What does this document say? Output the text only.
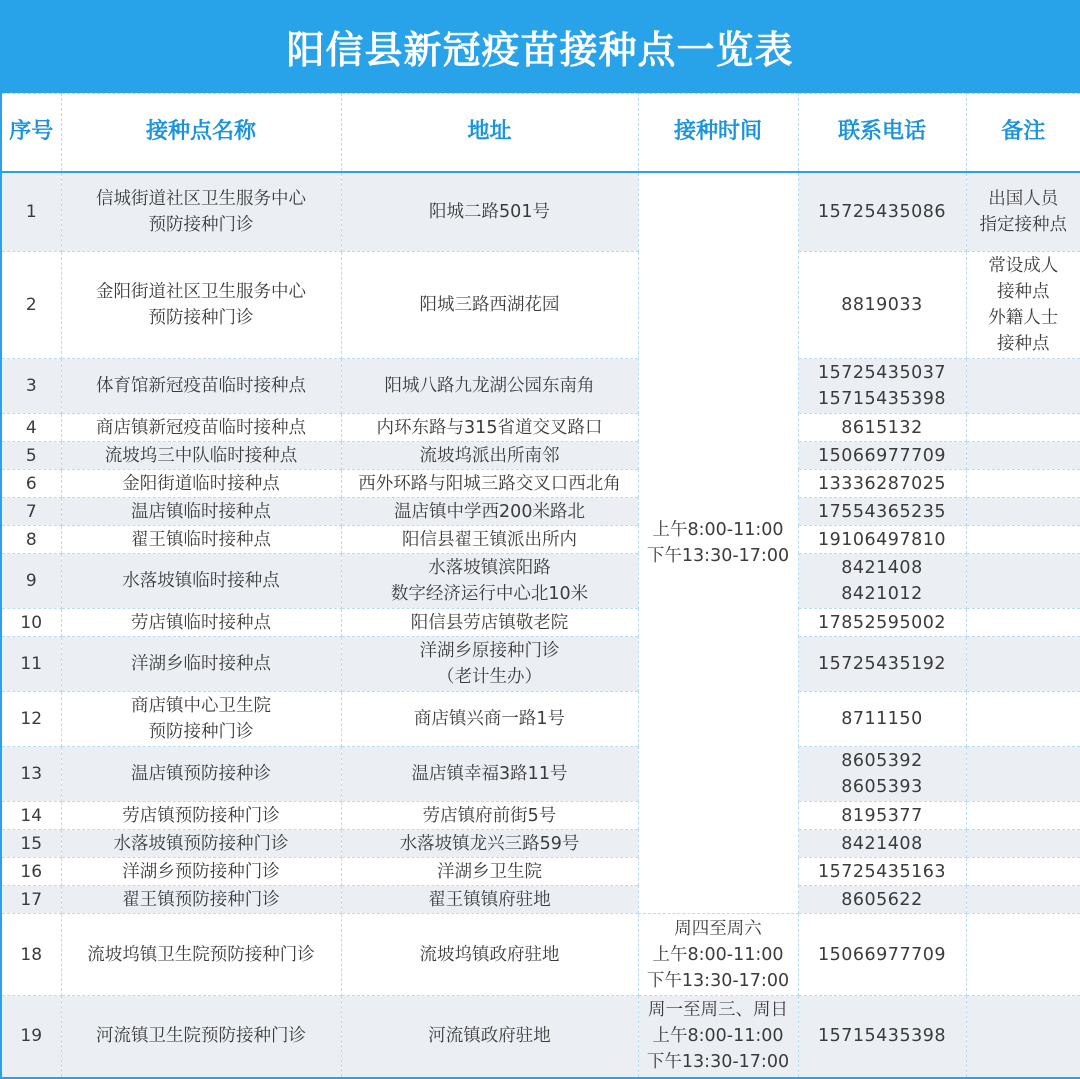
阳信县新冠疫苗接种点一览表
序号	接种点名称	地址	接种时间	联系电话	备注
1	信城街道社区卫生服务中心
预防接种门诊	阳城二路501号	上午8:00-11:00
下午13:30-17:00	15725435086	出国人员
指定接种点

2	金阳街道社区卫生服务中心
预防接种门诊	阳城三路西湖花园		8819033	常设成人
接种点
外籍人士
接种点

3	体育馆新冠疫苗临时接种点	阳城八路九龙湖公园东南角		15725435037
15715435398	

4	商店镇新冠疫苗临时接种点	内环东路与315省道交叉路口		8615132	
5	流坡坞三中队临时接种点	流坡坞派出所南邻		15066977709	
6	金阳街道临时接种点	西外环路与阳城三路交叉口西北角		13336287025	
7	温店镇临时接种点	温店镇中学西200米路北		17554365235	
8	翟王镇临时接种点	阳信县翟王镇派出所内		19106497810	
9	水落坡镇临时接种点	水落坡镇滨阳路
数字经济运行中心北10米		8421408
8421012	

10	劳店镇临时接种点	阳信县劳店镇敬老院		17852595002	
11	洋湖乡临时接种点	洋湖乡原接种门诊
（老计生办）		15725435192	
12	商店镇中心卫生院
预防接种门诊	商店镇兴商一路1号		8711150	
13	温店镇预防接种诊	温店镇幸福3路11号		8605392
8605393	

14	劳店镇预防接种门诊	劳店镇府前街5号		8195377	
15	水落坡镇预防接种门诊	水落坡镇龙兴三路59号		8421408	
16	洋湖乡预防接种门诊	洋湖乡卫生院		15725435163	
17	翟王镇预防接种门诊	翟王镇镇府驻地		8605622	
18	流坡坞镇卫生院预防接种门诊	流坡坞镇政府驻地	周四至周六
上午8:00-11:00
下午13:30-17:00	15066977709	
19	河流镇卫生院预防接种门诊	河流镇政府驻地	周一至周三、周日
上午8:00-11:00
下午13:30-17:00	15715435398	
